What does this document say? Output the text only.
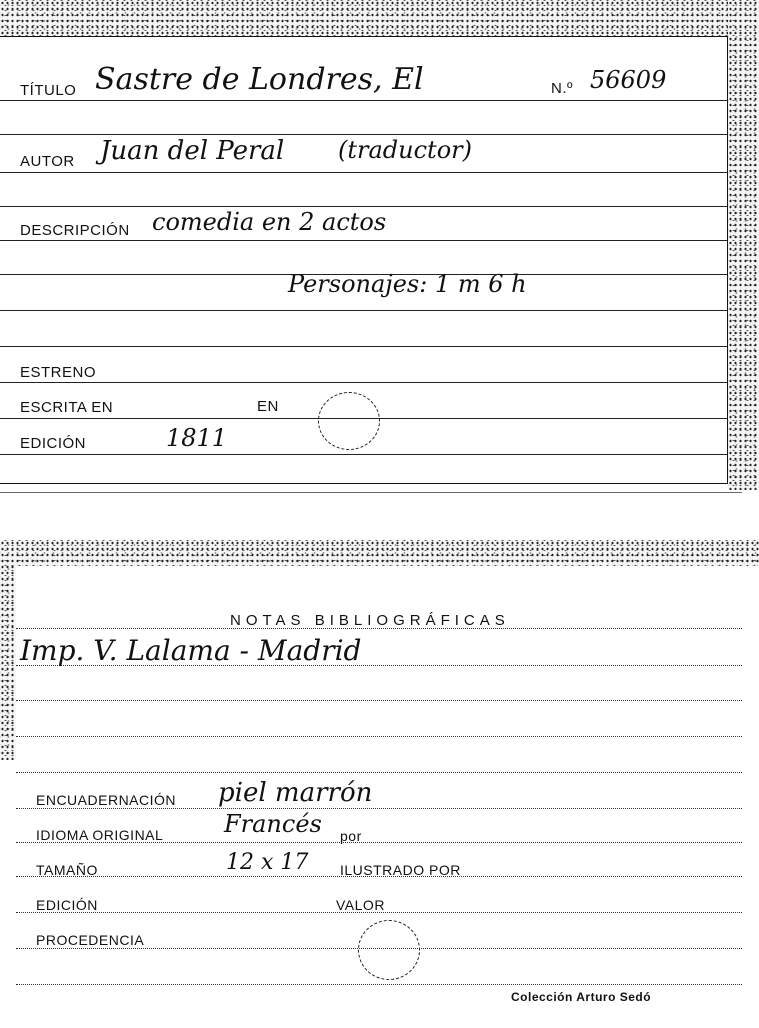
TÍTULO Sastre de Londres, El	N.º 56609
AUTOR Juan del Peral (traductor)
DESCRIPCIÓN comedia en 2 actos
Personajes: 1 m 6 h
ESTRENO
ESCRITA EN	EN
EDICIÓN	1811
NOTAS BIBLIOGRÁFICAS
Imp. V. Lalama - Madrid
ENCUADERNACIÓN piel marrón
IDIOMA ORIGINAL	Francés por
TAMAÑO	12 x 17 ILUSTRADO POR
EDICIÓN	VALOR
PROCEDENCIA
Colección Arturo Sedó
